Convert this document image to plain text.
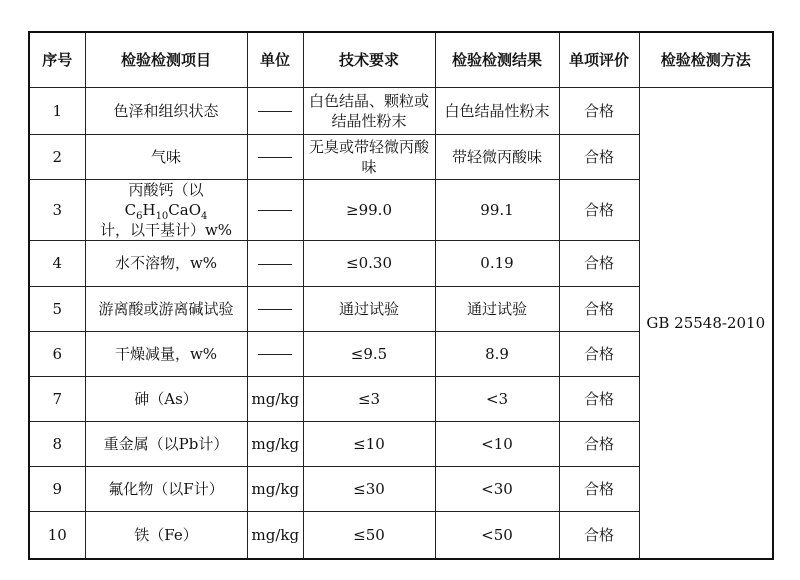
序号	检验检测项目	单位	技术要求	检验检测结果	单项评价	检验检测方法
1	色泽和组织状态		白色结晶、颗粒或结晶性粉末	白色结晶性粉末	合格	GB 25548-2010
2	气味		无臭或带轻微丙酸味	带轻微丙酸味	合格	
3	丙酸钙（以$C_6H_{10}CaO_4$
计，以干基计）w%		≥99.0	99.1	合格	
4	水不溶物，w%		≤0.30	0.19	合格	
5	游离酸或游离碱试验		通过试验	通过试验	合格	
6	干燥减量，w%		≤9.5	8.9	合格	
7	砷（As）	mg/kg	≤3	<3	合格	
8	重金属（以Pb计）	mg/kg	≤10	<10	合格	
9	氟化物（以F计）	mg/kg	≤30	<30	合格	
10	铁（Fe）	mg/kg	≤50	<50	合格	
